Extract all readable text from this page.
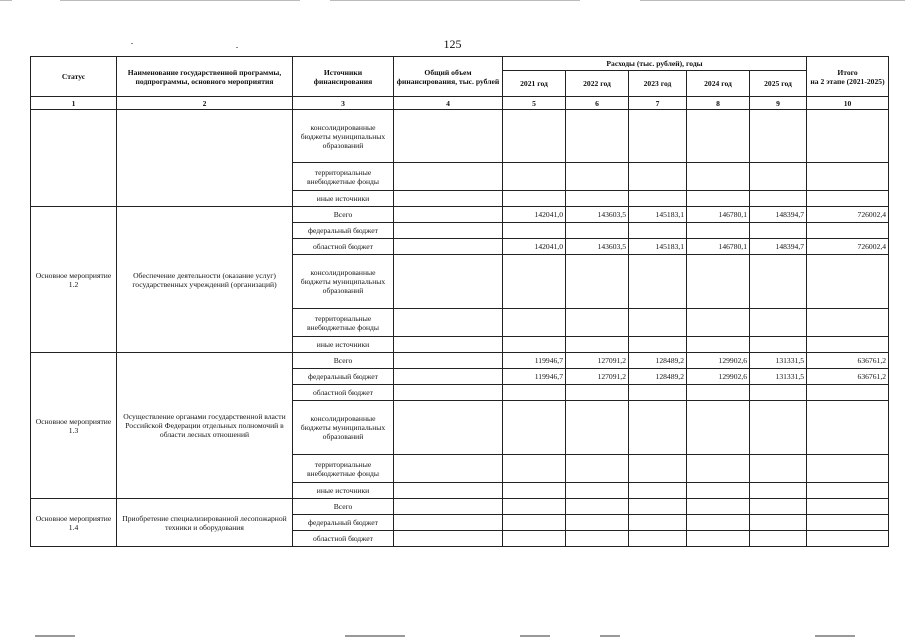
125
Статус	Наименование государственной программы, подпрограммы, основного мероприятия	Источники финансирования	Общий объем финансирования, тыс. рублей	Расходы (тыс. рублей), годы					Итого
на 2 этапе (2021-2025)
				2021 год	2022 год	2023 год	2024 год	2025 год	
1	2	3	4	5	6	7	8	9	10
		консолидированные бюджеты муниципальных образований							
		территориальные внебюджетные фонды							
		иные источники							
Основное мероприятие 1.2	Обеспечение деятельности (оказание услуг) государственных учреждений (организаций)	Всего		142041,0	143603,5	145183,1	146780,1	148394,7	726002,4
		федеральный бюджет							
		областной бюджет		142041,0	143603,5	145183,1	146780,1	148394,7	726002,4
		консолидированные бюджеты муниципальных образований							
		территориальные внебюджетные фонды							
		иные источники							
Основное мероприятие 1.3	Осуществление органами государственной власти Российской Федерации отдельных полномочий в области лесных отношений	Всего		119946,7	127091,2	128489,2	129902,6	131331,5	636761,2
		федеральный бюджет		119946,7	127091,2	128489,2	129902,6	131331,5	636761,2
		областной бюджет							
		консолидированные бюджеты муниципальных образований							
		территориальные внебюджетные фонды							
		иные источники							
Основное мероприятие 1.4	Приобретение специализированной лесопожарной техники и оборудования	Всего							
		федеральный бюджет							
		областной бюджет							
